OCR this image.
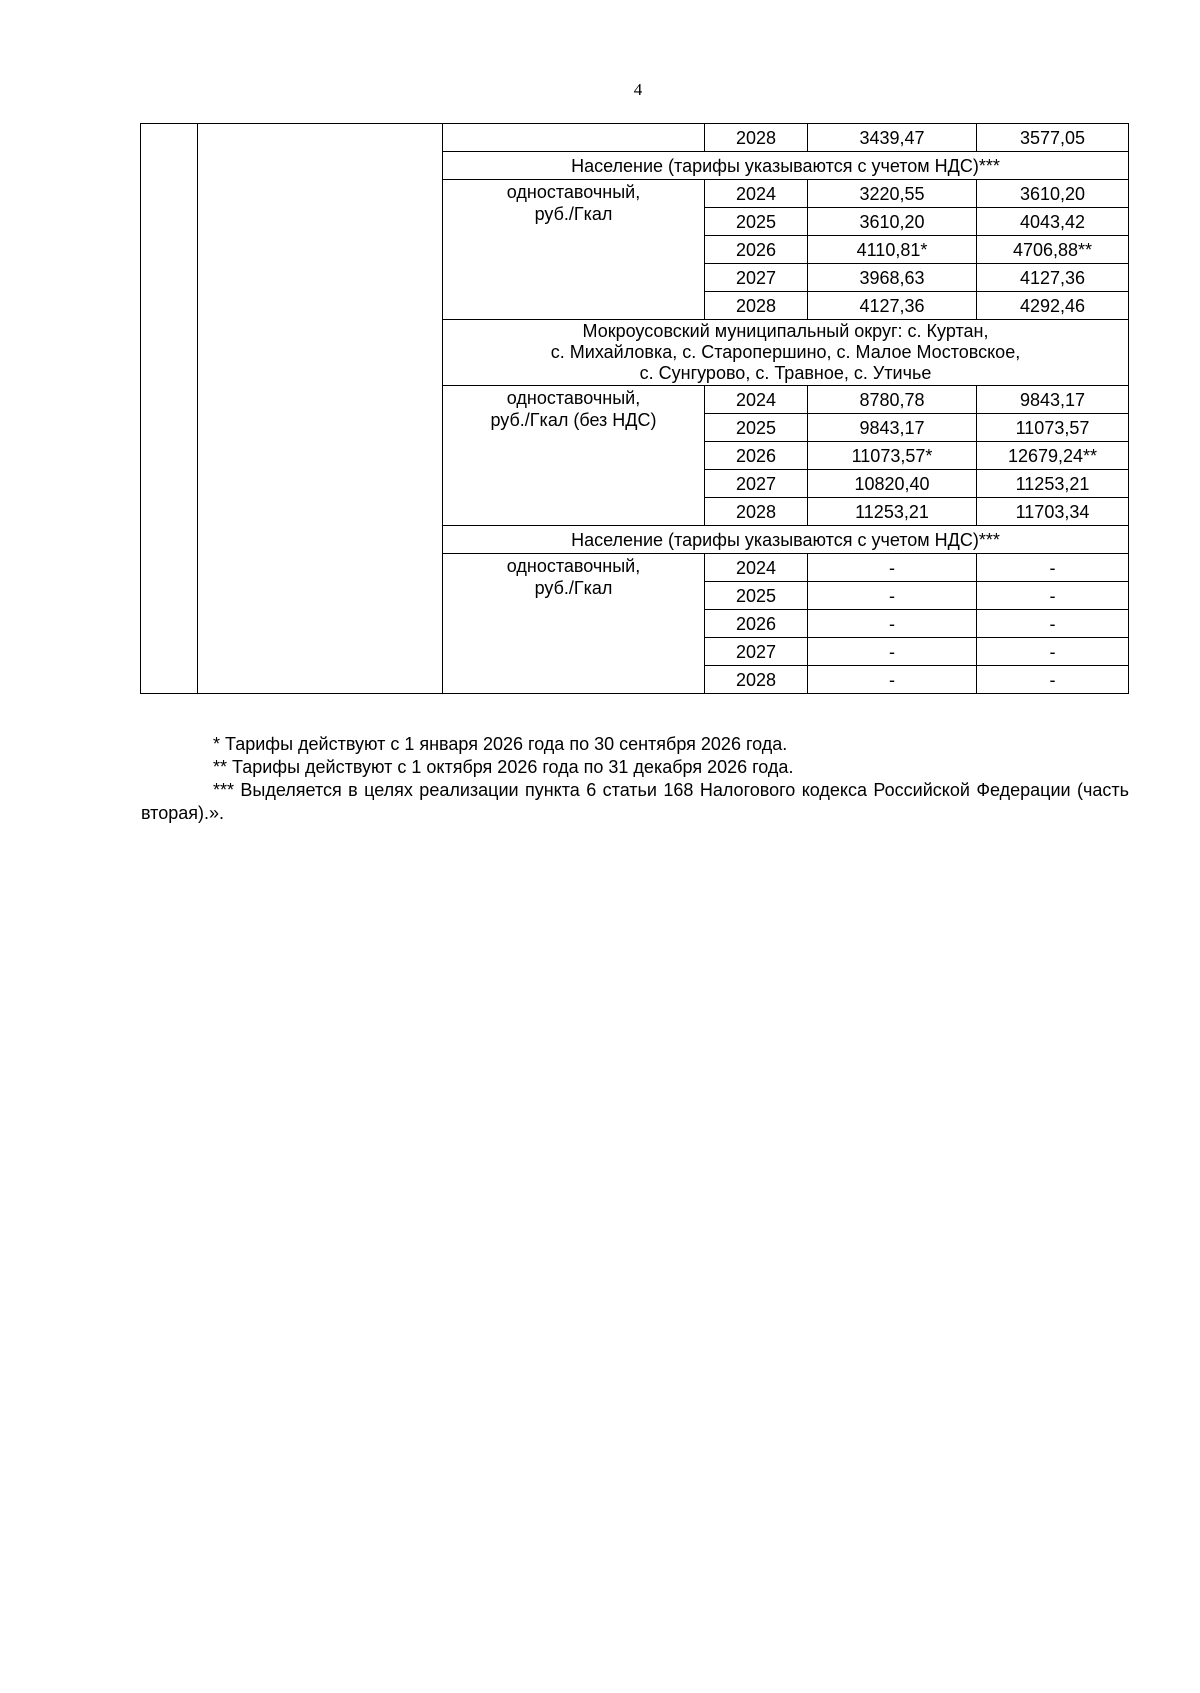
4
			2028	3439,47	3577,05
		Население (тарифы указываются с учетом НДС)***			

		одноставочный,
руб./Гкал	2024	3220,55	3610,20
			2025	3610,20	4043,42
			2026	4110,81*	4706,88**
			2027	3968,63	4127,36
			2028	4127,36	4292,46

		Мокроусовский муниципальный округ: с. Куртан,
с. Михайловка, с. Старопершино, с. Малое Мостовское,
с. Сунгурово, с. Травное, с. Утичье			

		одноставочный,
руб./Гкал (без НДС)	2024	8780,78	9843,17
			2025	9843,17	11073,57
			2026	11073,57*	12679,24**
			2027	10820,40	11253,21
			2028	11253,21	11703,34
		Население (тарифы указываются с учетом НДС)***			

		одноставочный,
руб./Гкал	2024	-	-
			2025	-	-
			2026	-	-
			2027	-	-
			2028	-	-

* Тарифы действуют с 1 января 2026 года по 30 сентября 2026 года.

** Тарифы действуют с 1 октября 2026 года по 31 декабря 2026 года.

*** Выделяется в целях реализации пункта 6 статьи 168 Налогового кодекса Российской Федерации (часть вторая).».
